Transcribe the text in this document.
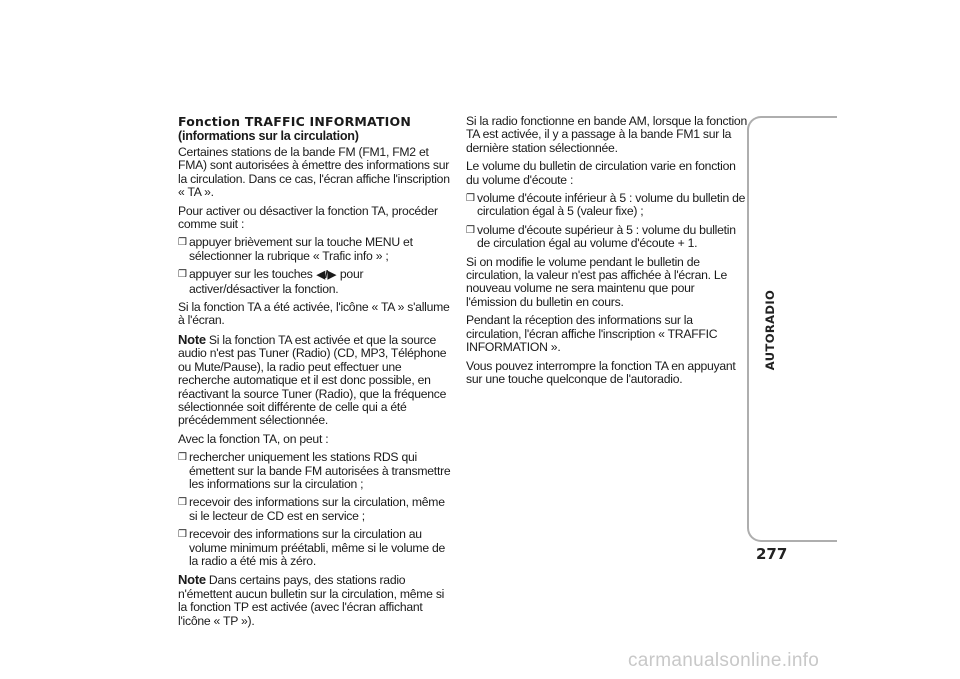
Fonction TRAFFIC INFORMATION
(informations sur la circulation)

Certaines stations de la bande FM (FM1, FM2 et FMA) sont autorisées à émettre des informations sur la circulation. Dans ce cas, l'écran affiche l'inscription « TA ».

Pour activer ou désactiver la fonction TA, procéder comme suit :

❒ appuyer brièvement sur la touche MENU et sélectionner la rubrique « Trafic info » ;
❒ appuyer sur les touches ◀/▶ pour activer/désactiver la fonction.

Si la fonction TA a été activée, l'icône « TA » s'allume à l'écran.

Note Si la fonction TA est activée et que la source audio n'est pas Tuner (Radio) (CD, MP3, Téléphone ou Mute/Pause), la radio peut effectuer une recherche automatique et il est donc possible, en réactivant la source Tuner (Radio), que la fréquence sélectionnée soit différente de celle qui a été précédemment sélectionnée.

Avec la fonction TA, on peut :

❒ rechercher uniquement les stations RDS qui émettent sur la bande FM autorisées à transmettre les informations sur la circulation ;
❒ recevoir des informations sur la circulation, même si le lecteur de CD est en service ;
❒ recevoir des informations sur la circulation au volume minimum préétabli, même si le volume de la radio a été mis à zéro.

Note Dans certains pays, des stations radio n'émettent aucun bulletin sur la circulation, même si la fonction TP est activée (avec l'écran affichant l'icône « TP »).

Si la radio fonctionne en bande AM, lorsque la fonction TA est activée, il y a passage à la bande FM1 sur la dernière station sélectionnée.

Le volume du bulletin de circulation varie en fonction du volume d'écoute :

❒ volume d'écoute inférieur à 5 : volume du bulletin de circulation égal à 5 (valeur fixe) ;
❒ volume d'écoute supérieur à 5 : volume du bulletin de circulation égal au volume d'écoute + 1.

Si on modifie le volume pendant le bulletin de circulation, la valeur n'est pas affichée à l'écran. Le nouveau volume ne sera maintenu que pour l'émission du bulletin en cours.

Pendant la réception des informations sur la circulation, l'écran affiche l'inscription « TRAFFIC INFORMATION ».

Vous pouvez interrompre la fonction TA en appuyant sur une touche quelconque de l'autoradio.

AUTORADIO
277
carmanualsonline.info
